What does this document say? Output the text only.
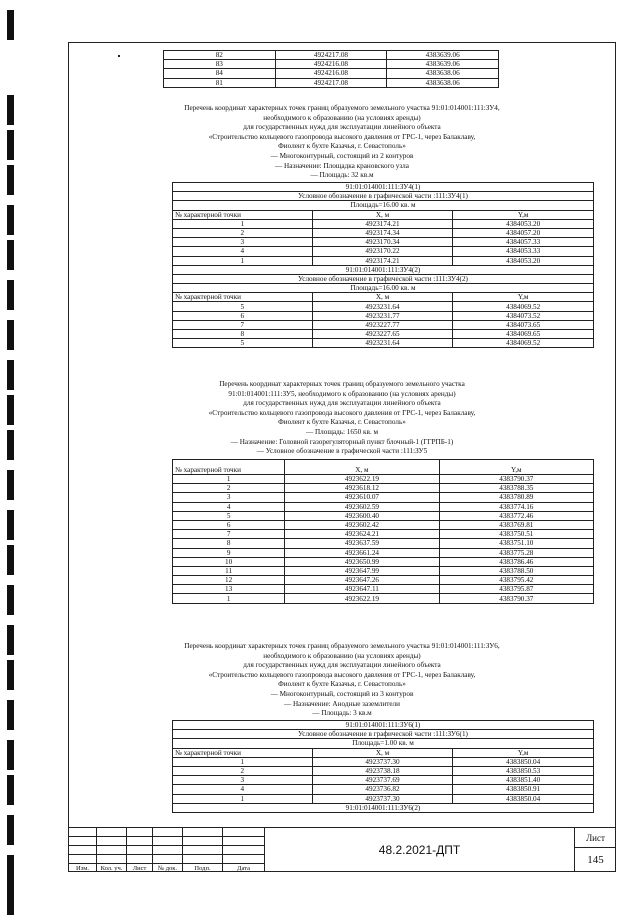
82	4924217.08	4383639.06
83	4924216.08	4383639.06
84	4924216.08	4383638.06
81	4924217.08	4383638.06
Перечень координат характерных точек границ образуемого земельного участка 91:01:014001:111:ЗУ4,
необходимого к образованию (на условиях аренды)
для государственных нужд для эксплуатации линейного объекта
«Строительство кольцевого газопровода высокого давления от ГРС-1, через Балаклаву,
Фиолент к бухте Казачья, г. Севастополь»
— Многоконтурный, состоящий из 2 контуров
— Назначение: Площадка крановского узла
— Площадь: 32 кв.м
91:01:014001:111:ЗУ4(1)		
Условное обозначение в графической части :111:ЗУ4(1)		
Площадь=16.00 кв. м		
№ характерной точки	X, м	Y,м
1	4923174.21	4384053.20
2	4923174.34	4384057.20
3	4923170.34	4384057.33
4	4923170.22	4384053.33
1	4923174.21	4384053.20
91:01:014001:111:ЗУ4(2)		
Условное обозначение в графической части :111:ЗУ4(2)		
Площадь=16.00 кв. м		
№ характерной точки	X, м	Y,м
5	4923231.64	4384069.52
6	4923231.77	4384073.52
7	4923227.77	4384073.65
8	4923227.65	4384069.65
5	4923231.64	4384069.52
Перечень координат характерных точек границ образуемого земельного участка
91:01:014001:111:ЗУ5, необходимого к образованию (на условиях аренды)
для государственных нужд для эксплуатации линейного объекта
«Строительство кольцевого газопровода высокого давления от ГРС-1, через Балаклаву,
Фиолент к бухте Казачья, г. Севастополь»
— Площадь: 1650 кв. м
— Назначение: Головной газорегуляторный пункт блочный-1 (ГГРПБ-1)
— Условное обозначение в графической части :111:ЗУ5
№ характерной точки	X, м	Y,м
1	4923622.19	4383790.37
2	4923618.12	4383788.35
3	4923610.07	4383780.89
4	4923602.59	4383774.16
5	4923600.40	4383772.46
6	4923602.42	4383769.81
7	4923624.21	4383750.51
8	4923637.59	4383751.10
9	4923661.24	4383775.28
10	4923650.99	4383786.46
11	4923647.99	4383788.50
12	4923647.26	4383795.42
13	4923647.11	4383795.87
1	4923622.19	4383790.37
Перечень координат характерных точек границ образуемого земельного участка 91:01:014001:111:ЗУ6,
необходимого к образованию (на условиях аренды)
для государственных нужд для эксплуатации линейного объекта
«Строительство кольцевого газопровода высокого давления от ГРС-1, через Балаклаву,
Фиолент к бухте Казачья, г. Севастополь»
— Многоконтурный, состоящий из 3 контуров
— Назначение: Анодные заземлители
— Площадь: 3 кв.м
91:01:014001:111:ЗУ6(1)		
Условное обозначение в графической части :111:ЗУ6(1)		
Площадь=1.00 кв. м		
№ характерной точки	X, м	Y,м
1	4923737.30	4383850.04
2	4923738.18	4383850.53
3	4923737.69	4383851.40
4	4923736.82	4383850.91
1	4923737.30	4383850.04
91:01:014001:111:ЗУ6(2)		
Изм.	Кол. уч.	Лист	№ док.	Подп.	Дата
48.2.2021-ДПТ
Лист
145
